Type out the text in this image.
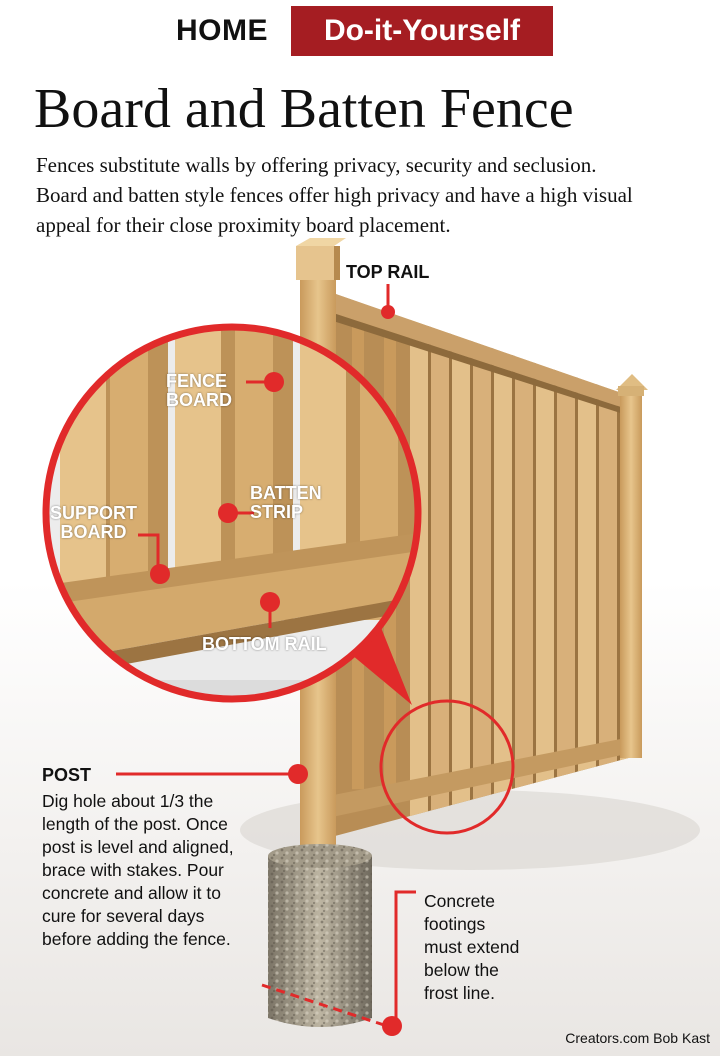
HOME	Do-it-Yourself
Board and Batten Fence
Fences substitute walls by offering privacy, security and seclusion. Board and batten style fences offer high privacy and have a high visual appeal for their close proximity board placement.
TOP RAIL
FENCE
BOARD
BATTEN
STRIP
SUPPORT
BOARD
BOTTOM RAIL
POST
Dig hole about 1/3 the length of the post. Once post is level and aligned, brace with stakes. Pour concrete and allow it to cure for several days before adding the fence.
Concrete footings must extend below the frost line.
Creators.com Bob Kast
